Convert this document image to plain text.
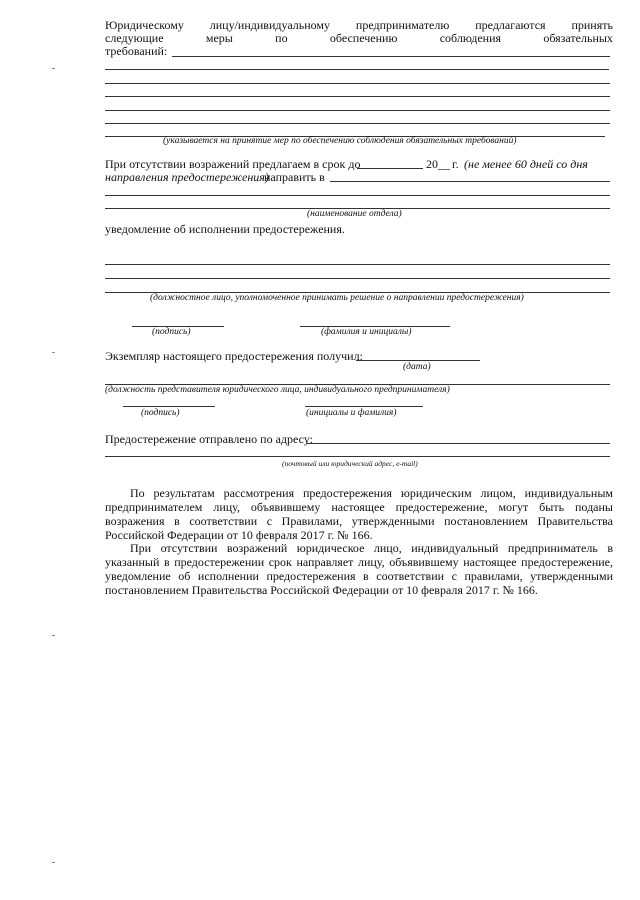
Юридическому лицу/индивидуальному предпринимателю предлагаются принять
следующие	меры	по	обеспечению	соблюдения	обязательных
требований:
(указывается на принятие мер по обеспечению соблюдения обязательных требований)
При отсутствии возражений предлагаем в срок до	20__ г. (не менее 60 дней со дня
направления предостережения)
направить в
(наименование отдела)
уведомление об исполнении предостережения.
(должностное лицо, уполномоченное принимать решение о направлении предостережения)
(подпись)	(фамилия и инициалы)
Экземпляр настоящего предостережения получил:
(дата)
(должность представителя юридического лица, индивидуального предпринимателя)
(подпись)	(инициалы и фамилия)
Предостережение отправлено по адресу:
(почтовый или юридический адрес, e-mail)

По результатам рассмотрения предостережения юридическим лицом, индивидуальным предпринимателем лицу, объявившему настоящее предостережение, могут быть поданы возражения в соответствии с Правилами, утвержденными постановлением Правительства Российской Федерации от 10 февраля 2017 г. № 166.

При отсутствии возражений юридическое лицо, индивидуальный предприниматель в указанный в предостережении срок направляет лицу, объявившему настоящее предостережение, уведомление об исполнении предостережения в соответствии с правилами, утвержденными постановлением Правительства Российской Федерации от 10 февраля 2017 г. № 166.
